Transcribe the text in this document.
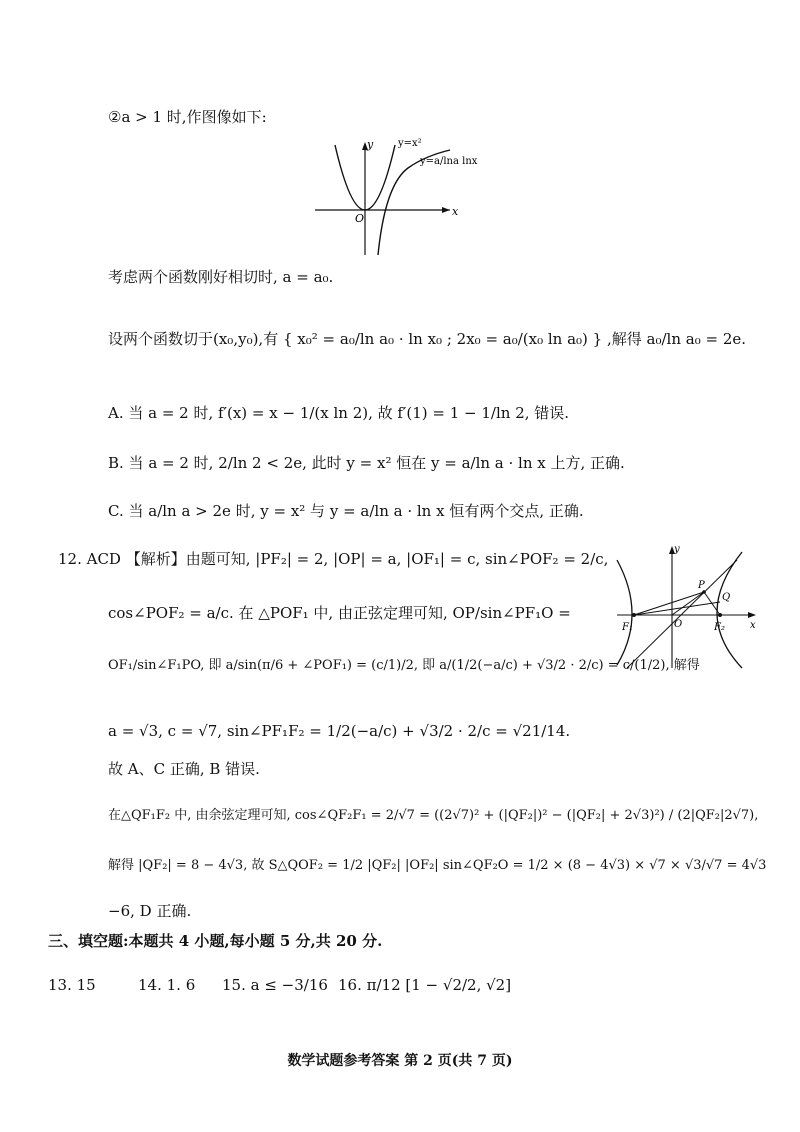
②a > 1 时,作图像如下:
y
x
O
y=x²
y=a/lna lnx
考虑两个函数刚好相切时, a = a₀.
设两个函数切于(x₀,y₀),有 { x₀² = a₀/ln a₀ · ln x₀ ; 2x₀ = a₀/(x₀ ln a₀) } ,解得 a₀/ln a₀ = 2e.
A. 当 a = 2 时, f′(x) = x − 1/(x ln 2), 故 f′(1) = 1 − 1/ln 2, 错误.
B. 当 a = 2 时, 2/ln 2 < 2e, 此时 y = x² 恒在 y = a/ln a · ln x 上方, 正确.
C. 当 a/ln a > 2e 时, y = x² 与 y = a/ln a · ln x 恒有两个交点, 正确.
12. ACD 【解析】由题可知, |PF₂| = 2, |OP| = a, |OF₁| = c, sin∠POF₂ = 2/c,
cos∠POF₂ = a/c. 在 △POF₁ 中, 由正弦定理可知, OP/sin∠PF₁O =
OF₁/sin∠F₁PO, 即 a/sin(π/6 + ∠POF₁) = (c/1)/2, 即 a/(1/2(−a/c) + √3/2 · 2/c) = c/(1/2), 解得
a = √3, c = √7, sin∠PF₁F₂ = 1/2(−a/c) + √3/2 · 2/c = √21/14.
故 A、C 正确, B 错误.
在△QF₁F₂ 中, 由余弦定理可知, cos∠QF₂F₁ = 2/√7 = ((2√7)² + (|QF₂|)² − (|QF₂| + 2√3)²) / (2|QF₂|2√7),
解得 |QF₂| = 8 − 4√3, 故 S△QOF₂ = 1/2 |QF₂| |OF₂| sin∠QF₂O = 1/2 × (8 − 4√3) × √7 × √3/√7 = 4√3
−6, D 正确.
y
x
O
P
Q
F₁	F₂
三、填空题:本题共 4 小题,每小题 5 分,共 20 分.
13. 15	14. 1. 6 15. a ≤ −3/16 16. π/12 [1 − √2/2, √2]
数学试题参考答案 第 2 页(共 7 页)
